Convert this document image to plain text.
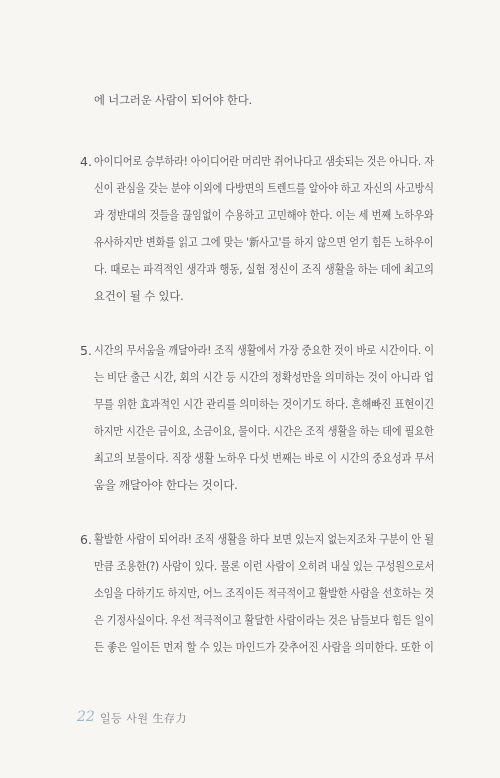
에 너그러운 사람이 되어야 한다.
4. 아이디어로 승부하라! 아이디어란 머리만 쥐어나다고 샘솟되는 것은 아니다. 자
신이 관심을 갖는 분야 이외에 다방면의 트렌드를 알아야 하고 자신의 사고방식
과 정반대의 것들을 끊임없이 수용하고 고민해야 한다. 이는 세 번째 노하우와
유사하지만 변화를 읽고 그에 맞는 '新사고'를 하지 않으면 얻기 힘든 노하우이
다. 때로는 파격적인 생각과 행동, 실험 정신이 조직 생활을 하는 데에 최고의
요건이 될 수 있다.
5. 시간의 무서움을 깨달아라! 조직 생활에서 가장 중요한 것이 바로 시간이다. 이
는 비단 출근 시간, 회의 시간 등 시간의 정확성만을 의미하는 것이 아니라 업
무를 위한 효과적인 시간 관리를 의미하는 것이기도 하다. 흔해빠진 표현이긴
하지만 시간은 금이요, 소금이요, 물이다. 시간은 조직 생활을 하는 데에 필요한
최고의 보물이다. 직장 생활 노하우 다섯 번째는 바로 이 시간의 중요성과 무서
움을 깨달아야 한다는 것이다.
6. 활발한 사람이 되어라! 조직 생활을 하다 보면 있는지 없는지조차 구분이 안 될
만큼 조용한(?) 사람이 있다. 물론 이런 사람이 오히려 내실 있는 구성원으로서
소임을 다하기도 하지만, 어느 조직이든 적극적이고 활발한 사람을 선호하는 것
은 기정사실이다. 우선 적극적이고 활달한 사람이라는 것은 남들보다 힘든 일이
든 좋은 일이든 먼저 할 수 있는 마인드가 갖추어진 사람을 의미한다. 또한 이
22 일등 사원 生存力
